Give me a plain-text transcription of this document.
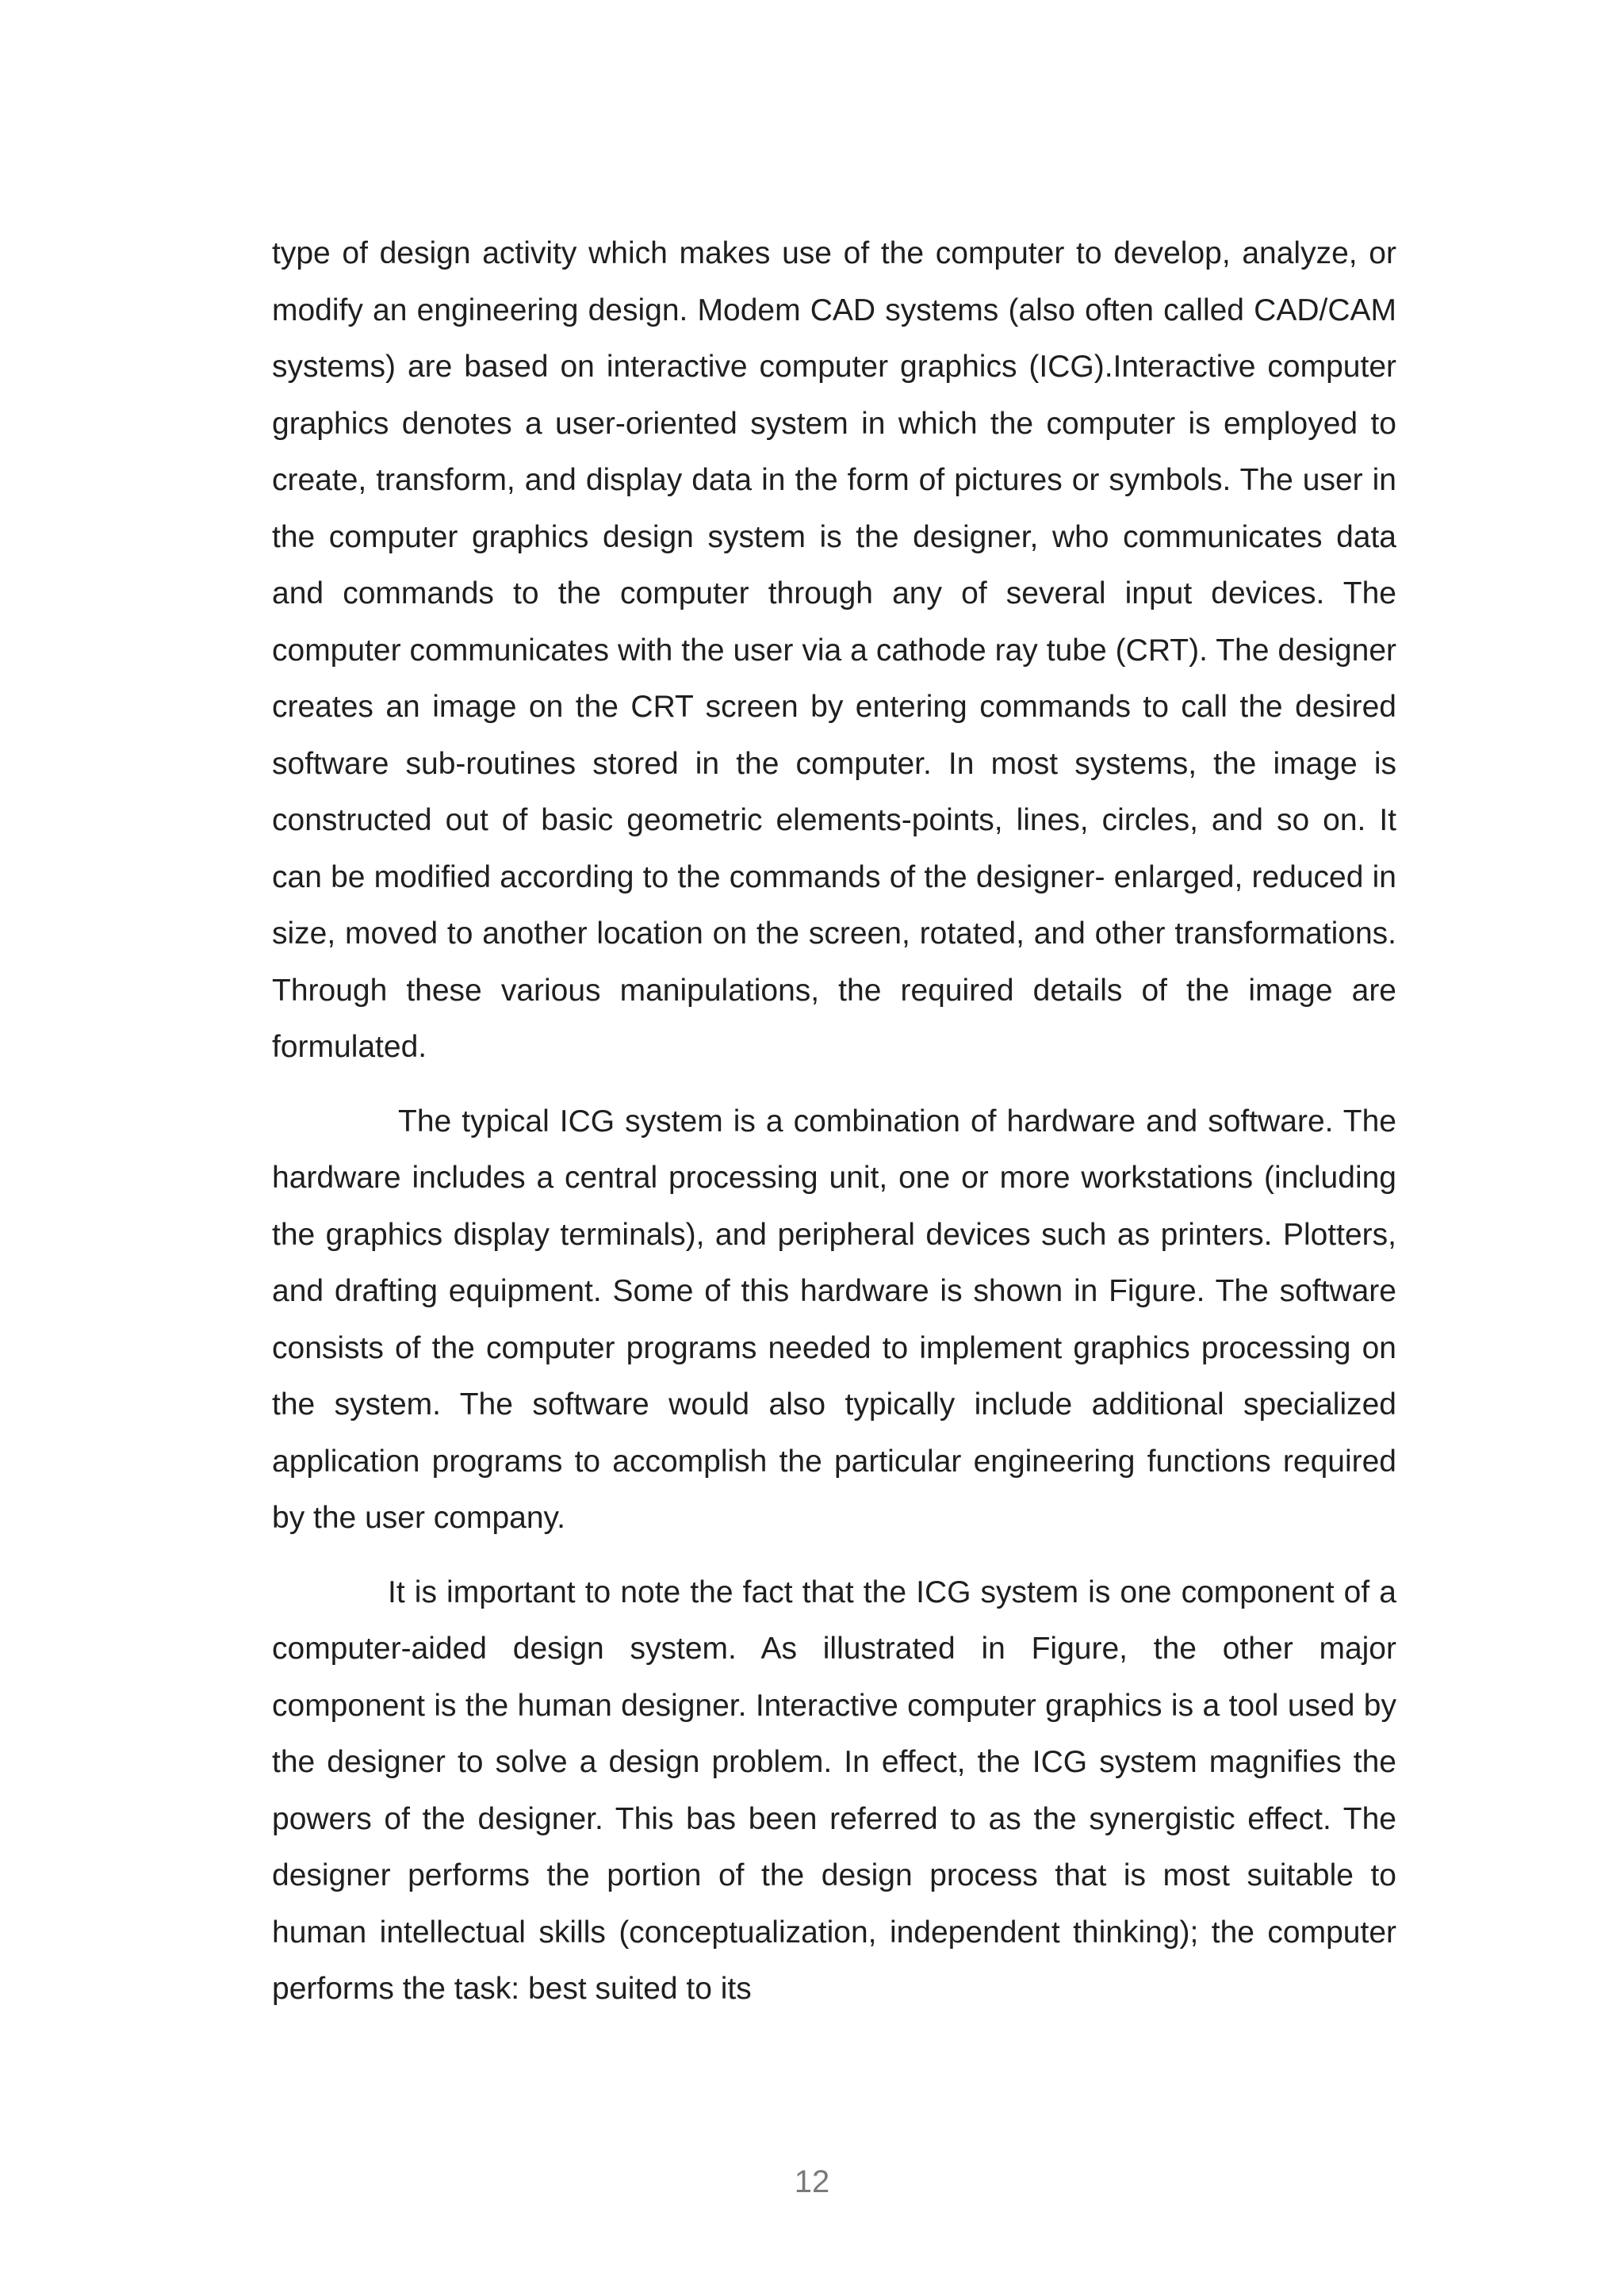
type of design activity which makes use of the computer to develop, analyze, or modify an engineering design. Modem CAD systems (also often called CAD/CAM systems) are based on interactive computer graphics (ICG).Interactive computer graphics denotes a user-oriented system in which the computer is employed to create, transform, and display data in the form of pictures or symbols. The user in the computer graphics design system is the designer, who communicates data and commands to the computer through any of several input devices. The computer communicates with the user via a cathode ray tube (CRT). The designer creates an image on the CRT screen by entering commands to call the desired software sub-routines stored in the computer. In most systems, the image is constructed out of basic geometric elements-points, lines, circles, and so on. It can be modified according to the commands of the designer- enlarged, reduced in size, moved to another location on the screen, rotated, and other transformations. Through these various manipulations, the required details of the image are formulated.

The typical ICG system is a combination of hardware and software. The hardware includes a central processing unit, one or more workstations (including the graphics display terminals), and peripheral devices such as printers. Plotters, and drafting equipment. Some of this hardware is shown in Figure. The software consists of the computer programs needed to implement graphics processing on the system. The software would also typically include additional specialized application programs to accomplish the particular engineering functions required by the user company.

It is important to note the fact that the ICG system is one component of a computer-aided design system. As illustrated in Figure, the other major component is the human designer. Interactive computer graphics is a tool used by the designer to solve a design problem. In effect, the ICG system magnifies the powers of the designer. This bas been referred to as the synergistic effect. The designer performs the portion of the design process that is most suitable to human intellectual skills (conceptualization, independent thinking); the computer performs the task: best suited to its

12
